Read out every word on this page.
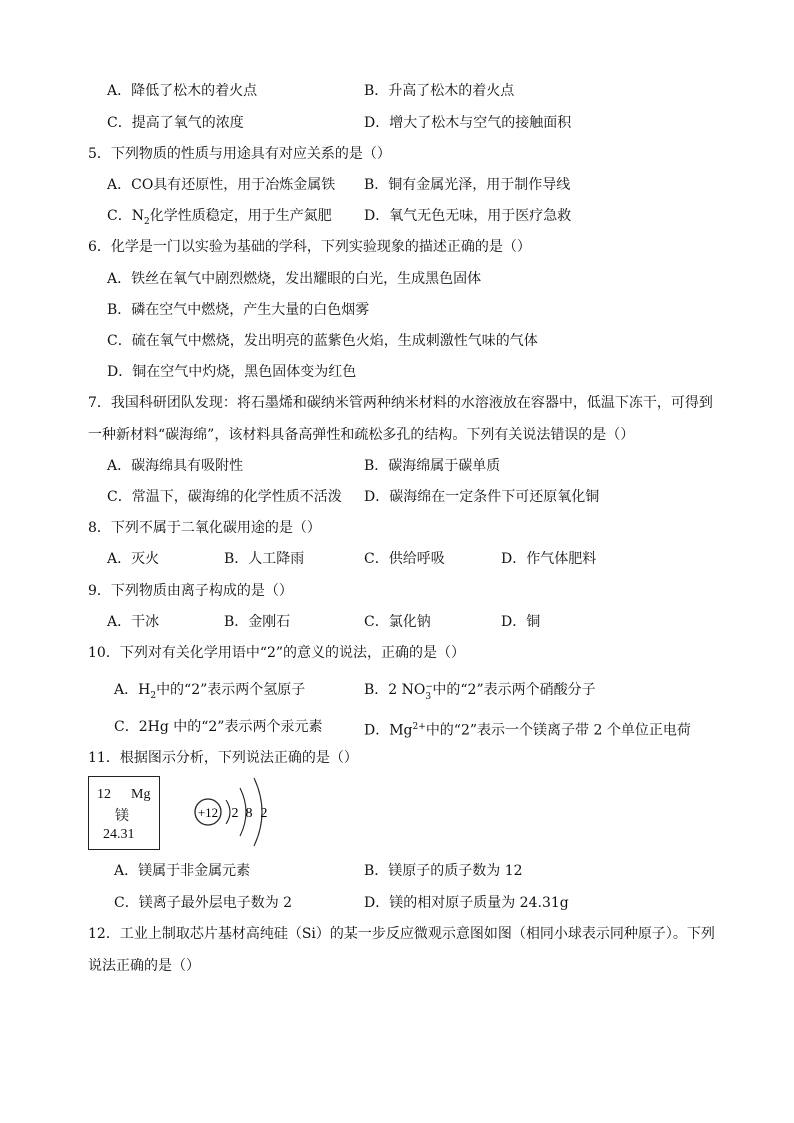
A．降低了松木的着火点	B．升高了松木的着火点
C．提高了氧气的浓度	D．增大了松木与空气的接触面积
5．下列物质的性质与用途具有对应关系的是（）
A．CO具有还原性，用于冶炼金属铁 B．铜有金属光泽，用于制作导线
C．$N_2$化学性质稳定，用于生产氮肥 D．氧气无色无味，用于医疗急救
6．化学是一门以实验为基础的学科，下列实验现象的描述正确的是（）
A．铁丝在氧气中剧烈燃烧，发出耀眼的白光，生成黑色固体
B．磷在空气中燃烧，产生大量的白色烟雾
C．硫在氧气中燃烧，发出明亮的蓝紫色火焰，生成刺激性气味的气体
D．铜在空气中灼烧，黑色固体变为红色
7．我国科研团队发现：将石墨烯和碳纳米管两种纳米材料的水溶液放在容器中，低温下冻干，可得到
一种新材料“碳海绵”，该材料具备高弹性和疏松多孔的结构。下列有关说法错误的是（）
A．碳海绵具有吸附性	B．碳海绵属于碳单质
C．常温下，碳海绵的化学性质不活泼 D．碳海绵在一定条件下可还原氧化铜
8．下列不属于二氧化碳用途的是（）
A．灭火	B．人工降雨	C．供给呼吸	D．作气体肥料
9．下列物质由离子构成的是（）
A．干冰	B．金刚石	C．氯化钠	D．铜
10．下列对有关化学用语中“2”的意义的说法，正确的是（）
A．$H_2$中的“2”表示两个氢原子	B．2 NO −
3 中的“2”表示两个硝酸分子
C．2Hg 中的“2”表示两个汞元素	D．$Mg^{2+}$中的“2”表示一个镁离子带 2 个单位正电荷
11．根据图示分析，下列说法正确的是（）
12 Mg
镁
24.31
+12 2 8 2
A．镁属于非金属元素	B．镁原子的质子数为 12
C．镁离子最外层电子数为 2	D．镁的相对原子质量为 24.31g
12．工业上制取芯片基材高纯硅（Si）的某一步反应微观示意图如图（相同小球表示同种原子）。下列
说法正确的是（）
